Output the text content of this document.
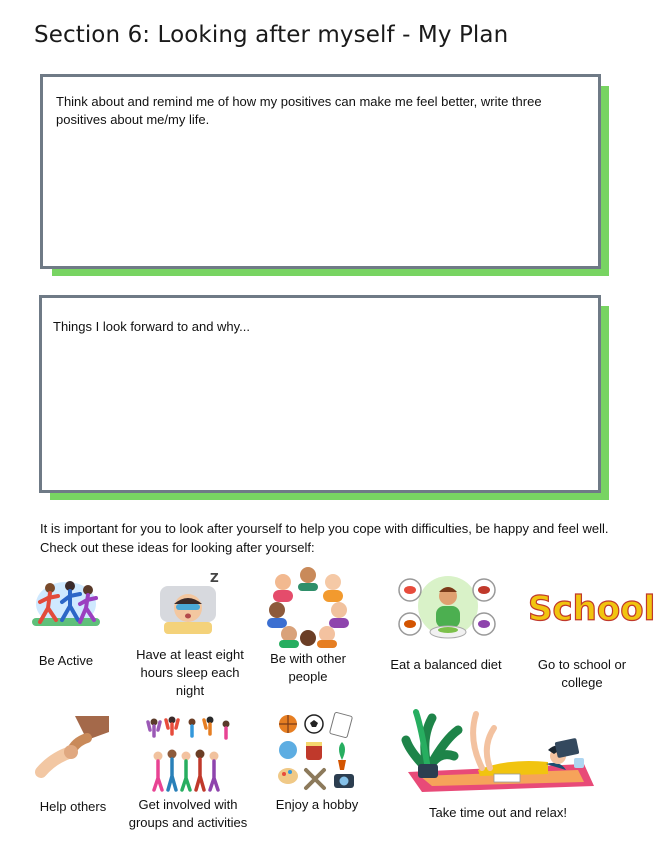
Section 6: Looking after myself - My Plan
Think about and remind me of how my positives can make me feel better, write three positives about me/my life.
Things I look forward to and why...
It is important for you to look after yourself to help you cope with difficulties, be happy and feel well. Check out these ideas for looking after yourself:
Be Active
Z
Have at least eight hours sleep each night
Be with other people
Eat a balanced diet
School
Go to school or college
Help others	Get involved with groups and activities
Enjoy a hobby
Take time out and relax!
